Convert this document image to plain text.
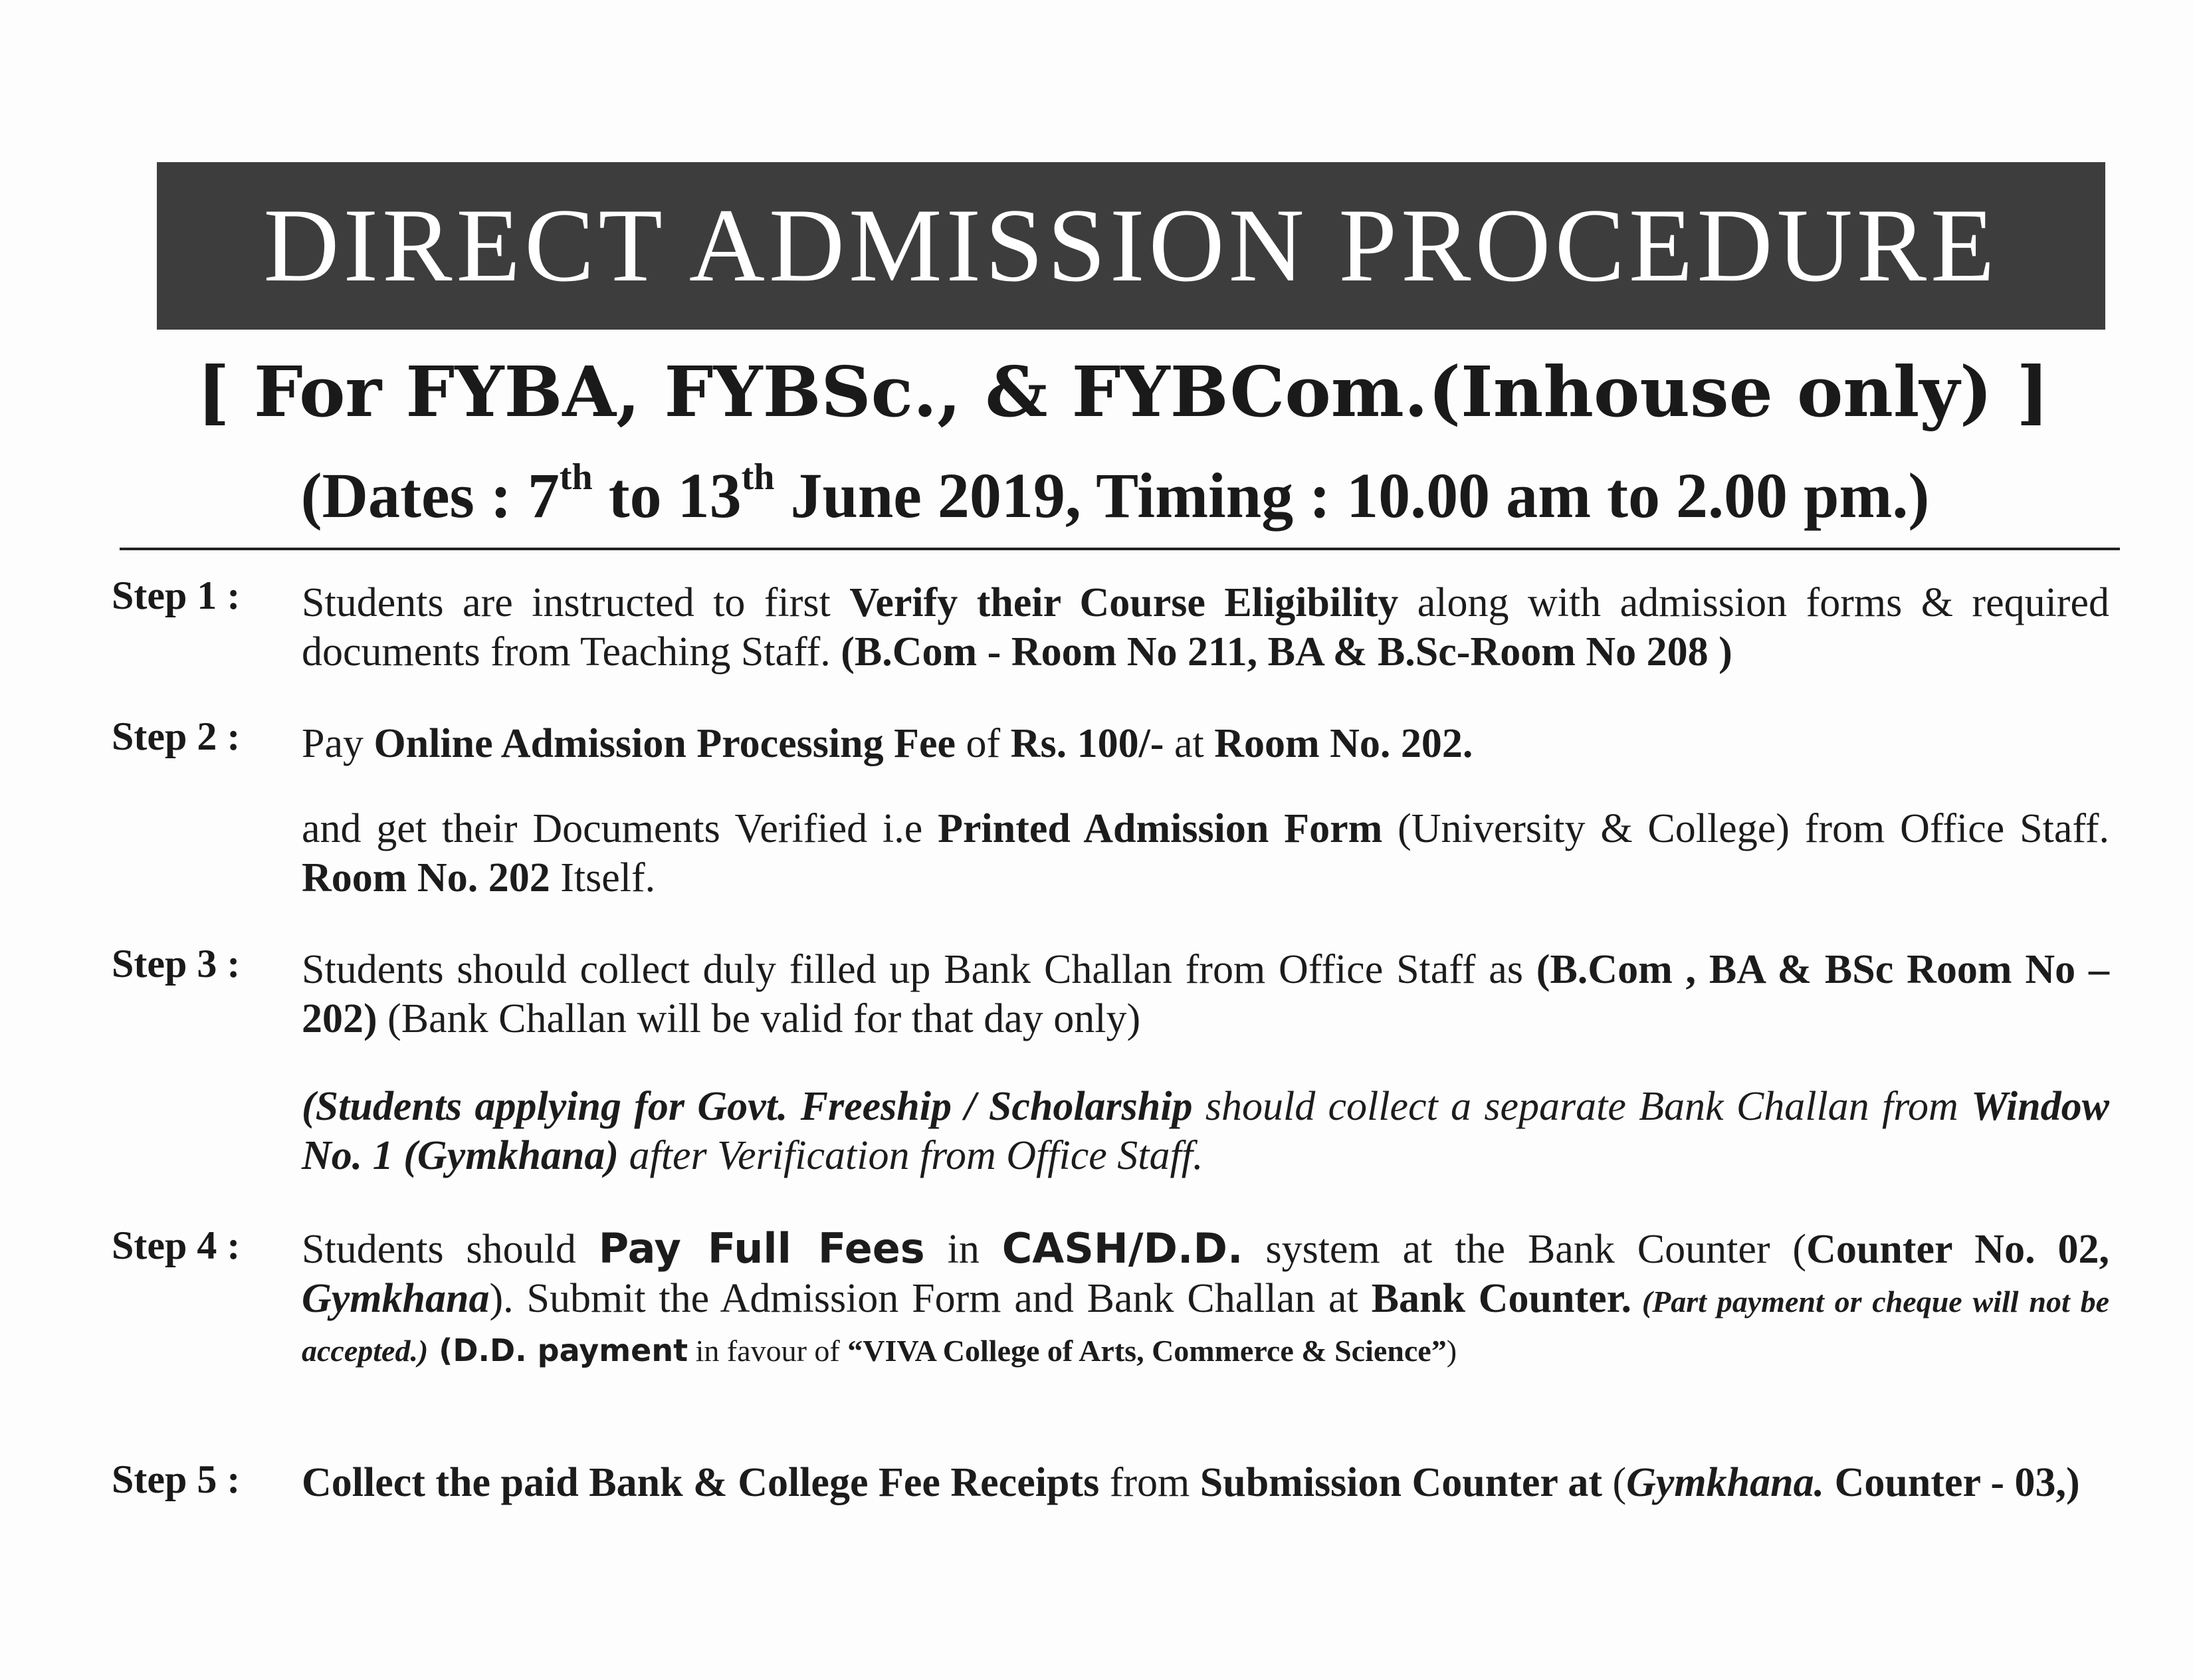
DIRECT ADMISSION PROCEDURE
[ For FYBA, FYBSc., & FYBCom.(Inhouse only) ]
(Dates : 7th to 13th June 2019, Timing : 10.00 am to 2.00 pm.)
Step 1 :	Students are instructed to first Verify their Course Eligibility along with admission forms & required documents from Teaching Staff. (B.Com - Room No 211, BA & B.Sc-Room No 208 )
Step 2 :	Pay Online Admission Processing Fee of Rs. 100/- at Room No. 202.
and get their Documents Verified i.e Printed Admission Form (University & College) from Office Staff. Room No. 202 Itself.
Step 3 :	Students should collect duly filled up Bank Challan from Office Staff as (B.Com , BA & BSc Room No – 202) (Bank Challan will be valid for that day only)
(Students applying for Govt. Freeship / Scholarship should collect a separate Bank Challan from Window No. 1 (Gymkhana) after Verification from Office Staff.
Step 4 :	Students should Pay Full Fees in CASH/D.D. system at the Bank Counter (Counter No. 02, Gymkhana). Submit the Admission Form and Bank Challan at Bank Counter. (Part payment or cheque will not be accepted.) (D.D. payment in favour of “VIVA College of Arts, Commerce & Science”)
Step 5 :	Collect the paid Bank & College Fee Receipts from Submission Counter at (Gymkhana. Counter - 03,)
